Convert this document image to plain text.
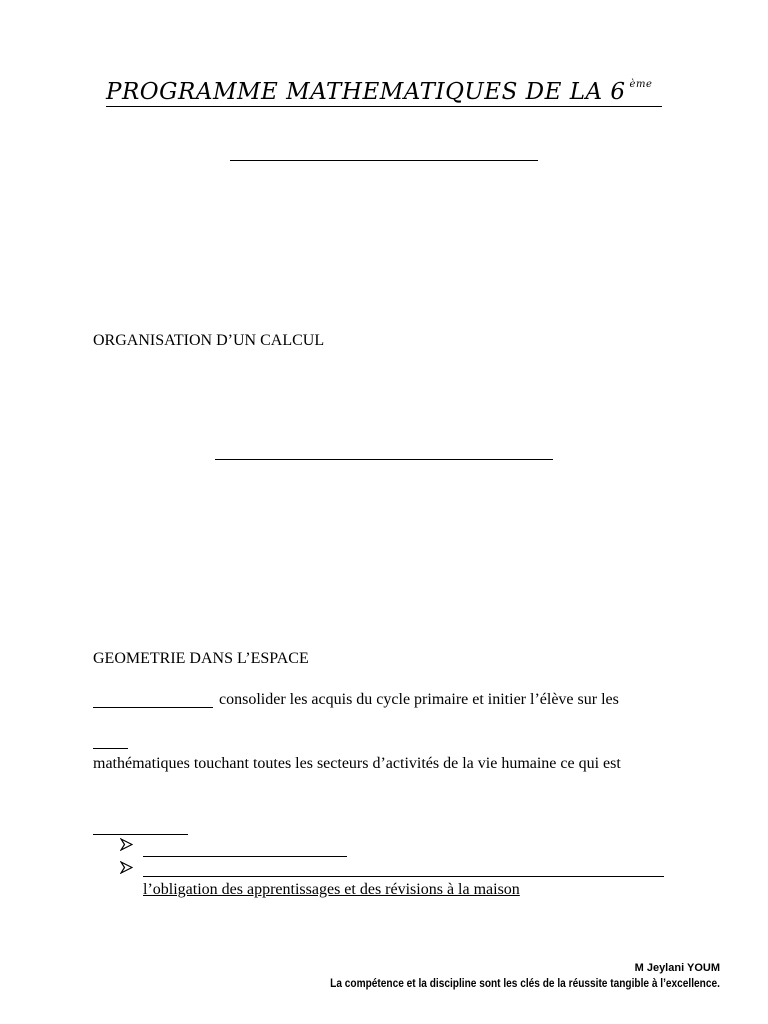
PROGRAMME MATHEMATIQUES DE LA 6 $^{ème}$
ORGANISATION D’UN CALCUL
GEOMETRIE DANS L’ESPACE
consolider les acquis du cycle primaire et initier l’élève sur les
mathématiques touchant toutes les secteurs d’activités de la vie humaine ce qui est
l’obligation des apprentissages et des révisions à la maison
M Jeylani YOUM
La compétence et la discipline sont les clés de la réussite tangible à l’excellence.
